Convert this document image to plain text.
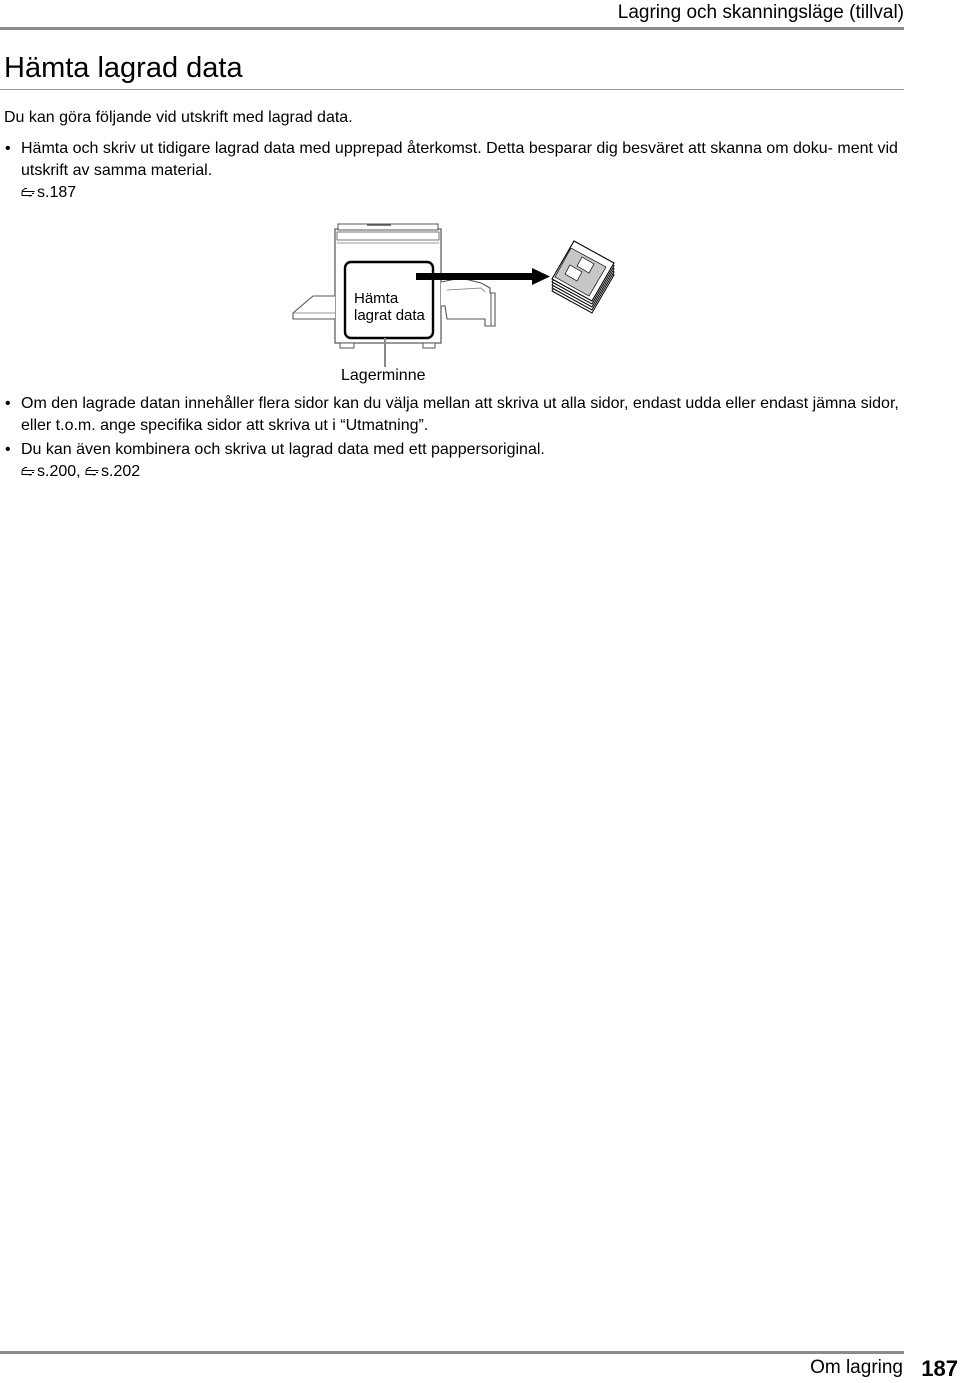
Lagring och skanningsläge (tillval)
Hämta lagrad data

Du kan göra följande vid utskrift med lagrad data.

• Hämta och skriv ut tidigare lagrad data med upprepad återkomst. Detta besparar dig besväret att skanna om doku- ment vid utskrift av samma material.
s.187
Hämta
lagrat data
Lagerminne
• Om den lagrade datan innehåller flera sidor kan du välja mellan att skriva ut alla sidor, endast udda eller endast jämna sidor, eller t.o.m. ange specifika sidor att skriva ut i “Utmatning”.
• Du kan även kombinera och skriva ut lagrad data med ett pappersoriginal.
s.200, s.202
Om lagring 187
